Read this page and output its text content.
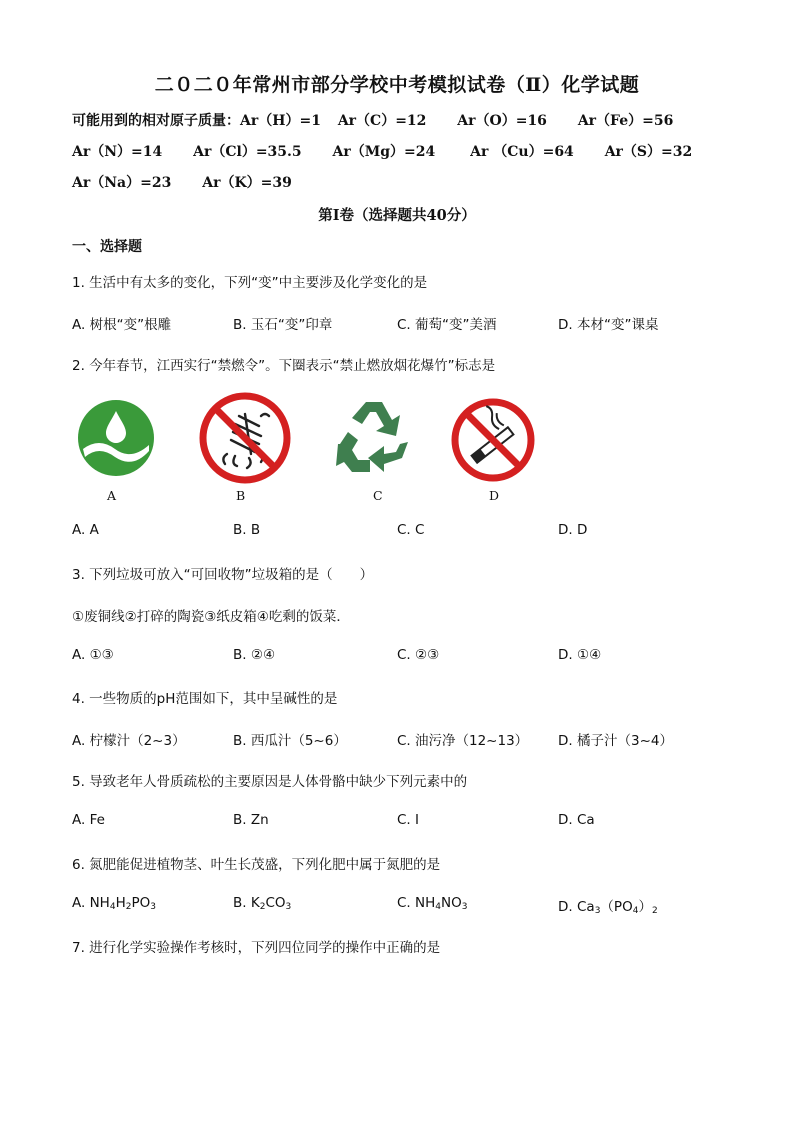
二０二０年常州市部分学校中考模拟试卷（Ⅱ）化学试题
可能用到的相对原子质量：Ar（H）=1 Ar（C）=12 Ar（O）=16 Ar（Fe）=56
Ar（N）=14 Ar（Cl）=35.5 Ar（Mg）=24 Ar （Cu）=64 Ar（S）=32
Ar（Na）=23 Ar（K）=39
第Ⅰ卷（选择题共40分）
一、选择题
1. 生活中有太多的变化，下列“变”中主要涉及化学变化的是
A. 树根“变”根雕	B. 玉石“变”印章	C. 葡萄“变”美酒	D. 本材“变”课桌
2. 今年春节，江西实行“禁燃令”。下圈表示“禁止燃放烟花爆竹”标志是
A	B	C	D
A. A	B. B	C. C	D. D
3. 下列垃圾可放入“可回收物”垃圾箱的是（　　）
①废铜线②打碎的陶瓷③纸皮箱④吃剩的饭菜．
A. ①③	B. ②④	C. ②③	D. ①④
4. 一些物质的pH范围如下，其中呈碱性的是
A. 柠檬汁（2~3）	B. 西瓜汁（5~6）	C. 油污净（12~13） D. 橘子汁（3~4）
5. 导致老年人骨质疏松的主要原因是人体骨骼中缺少下列元素中的
A. Fe	B. Zn	C. I	D. Ca
6. 氮肥能促进植物茎、叶生长茂盛，下列化肥中属于氮肥的是
A. $NH_4H_2PO_3$	B. $K_2CO_3$	C. $NH_4NO_3$	D. $Ca_3(PO_4)_2$
7. 进行化学实验操作考核时，下列四位同学的操作中正确的是
